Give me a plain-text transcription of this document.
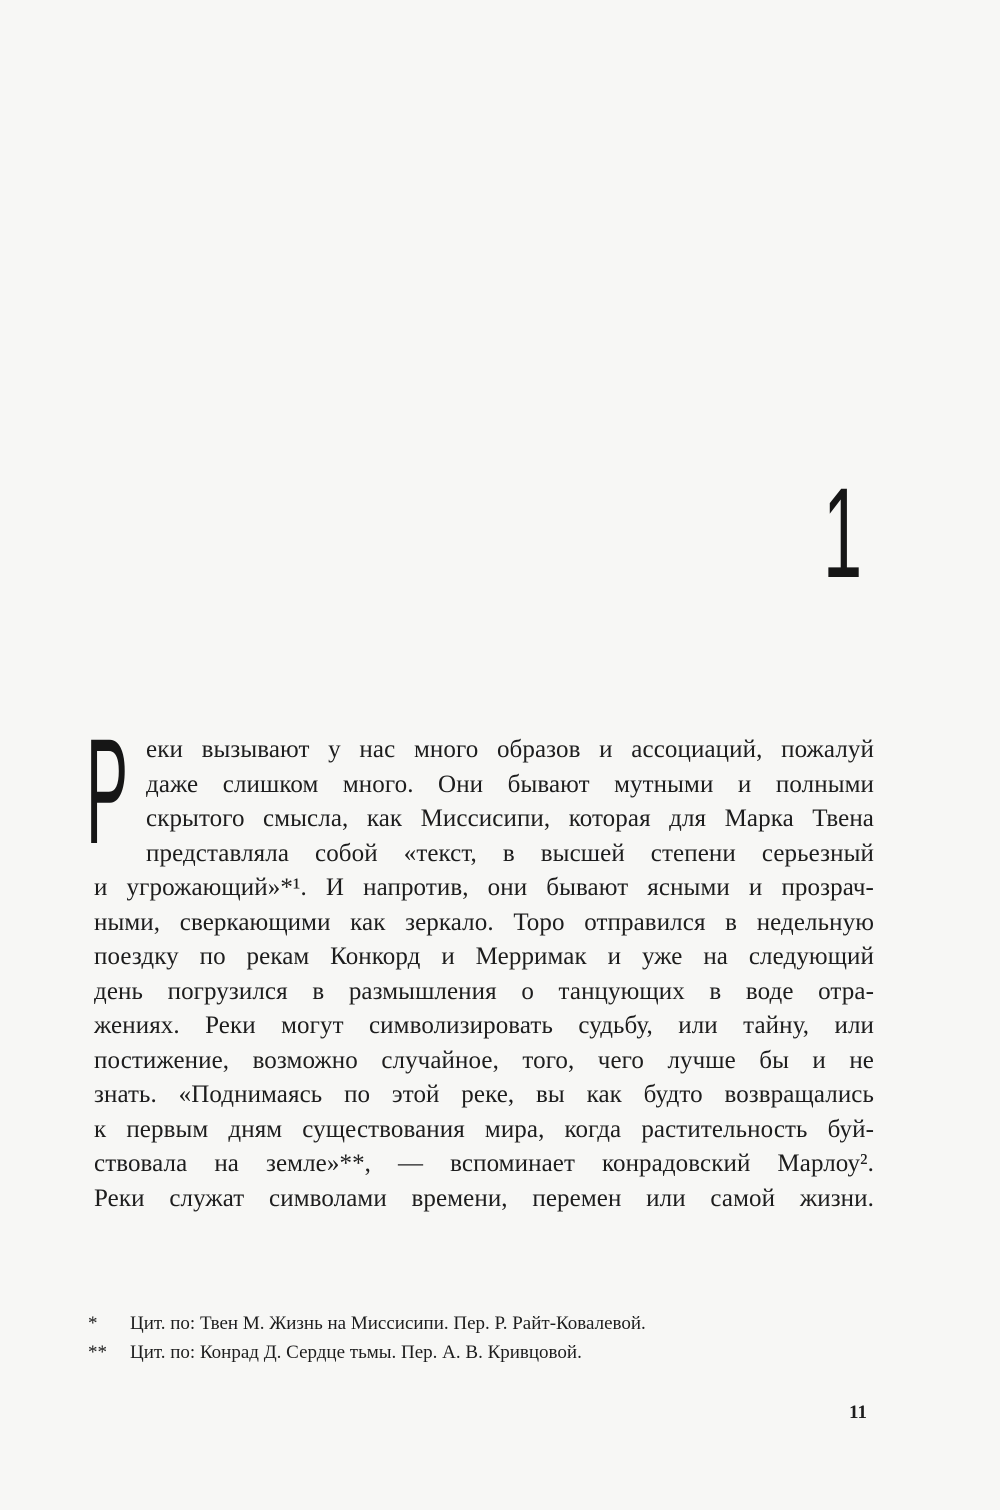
1
Р еки вызывают у нас много образов и ассоциаций, пожалуй
даже слишком много. Они бывают мутными и полными
скрытого смысла, как Миссисипи, которая для Марка Твена
представляла собой «текст, в высшей степени серьезный
и угрожающий»*¹. И напротив, они бывают ясными и прозрач-
ными, сверкающими как зеркало. Торо отправился в недельную
поездку по рекам Конкорд и Мерримак и уже на следующий
день погрузился в размышления о танцующих в воде отра-
жениях. Реки могут символизировать судьбу, или тайну, или
постижение, возможно случайное, того, чего лучше бы и не
знать. «Поднимаясь по этой реке, вы как будто возвращались
к первым дням существования мира, когда растительность буй-
ствовала на земле»**, — вспоминает конрадовский Марлоу².
Реки служат символами времени, перемен или самой жизни.
* Цит. по: Твен М. Жизнь на Миссисипи. Пер. Р. Райт-Ковалевой.
** Цит. по: Конрад Д. Сердце тьмы. Пер. А. В. Кривцовой.
11
